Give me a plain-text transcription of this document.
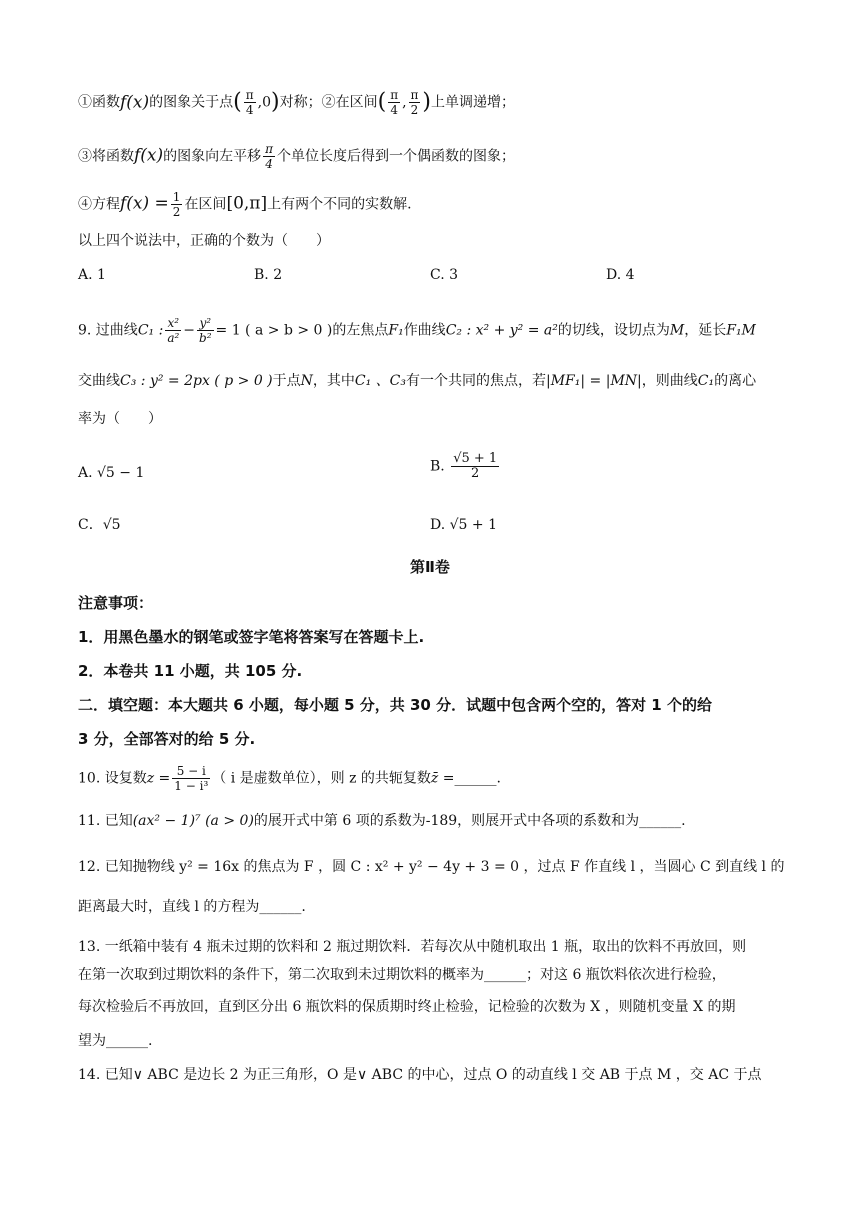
①函数f(x)的图象关于点( $\frac{\pi}{4} ,0$)对称；②在区间( $\frac{\pi}{4}$ , $\frac{\pi}{2}$ )上单调递增；
③将函数f(x)的图象向左平移 $\frac{\pi}{4}$ 个单位长度后得到一个偶函数的图象；
④方程$f(x) = \frac{1}{2}$ 在区间[0,π]上有两个不同的实数解.
以上四个说法中，正确的个数为（　　）
A. 1	B. 2	C. 3	D. 4
9. 过曲线C₁ : $\frac{\text{x²}}{\text{a²}} - \frac{\text{y²}}{\text{b²}} = 1$ ( a > b > 0 )的左焦点F₁作曲线C₂ : x² + y² = a²的切线，设切点为M，延长F₁M
交曲线C₃ : y² = 2px ( p > 0 )于点N，其中C₁ 、C₃有一个共同的焦点，若|MF₁| = |MN|，则曲线C₁的离心
率为（　　）
A. √5 − 1	B. $\frac{√5 + 1}{2}$
C．√5	D. √5 + 1
第Ⅱ卷
注意事项：
1．用黑色墨水的钢笔或签字笔将答案写在答题卡上.
2．本卷共 11 小题，共 105 分.
二．填空题：本大题共 6 小题，每小题 5 分，共 30 分．试题中包含两个空的，答对 1 个的给
3 分，全部答对的给 5 分.
10. 设复数$z = \frac{5 - i}{\text{1 − i³}}$ （ i 是虚数单位），则 z 的共轭复数z̄ =______.
11. 已知(ax² − 1)⁷ (a > 0)的展开式中第 6 项的系数为-189，则展开式中各项的系数和为______.
12. 已知抛物线 y² = 16x 的焦点为 F ，圆 C : x² + y² − 4y + 3 = 0 ，过点 F 作直线 l ，当圆心 C 到直线 l 的
距离最大时，直线 l 的方程为______.
13. 一纸箱中装有 4 瓶未过期的饮料和 2 瓶过期饮料．若每次从中随机取出 1 瓶，取出的饮料不再放回，则
在第一次取到过期饮料的条件下，第二次取到未过期饮料的概率为______；对这 6 瓶饮料依次进行检验，
每次检验后不再放回，直到区分出 6 瓶饮料的保质期时终止检验，记检验的次数为 X ，则随机变量 X 的期
望为______.
14. 已知∨ ABC 是边长 2 为正三角形，O 是∨ ABC 的中心，过点 O 的动直线 l 交 AB 于点 M ，交 AC 于点
